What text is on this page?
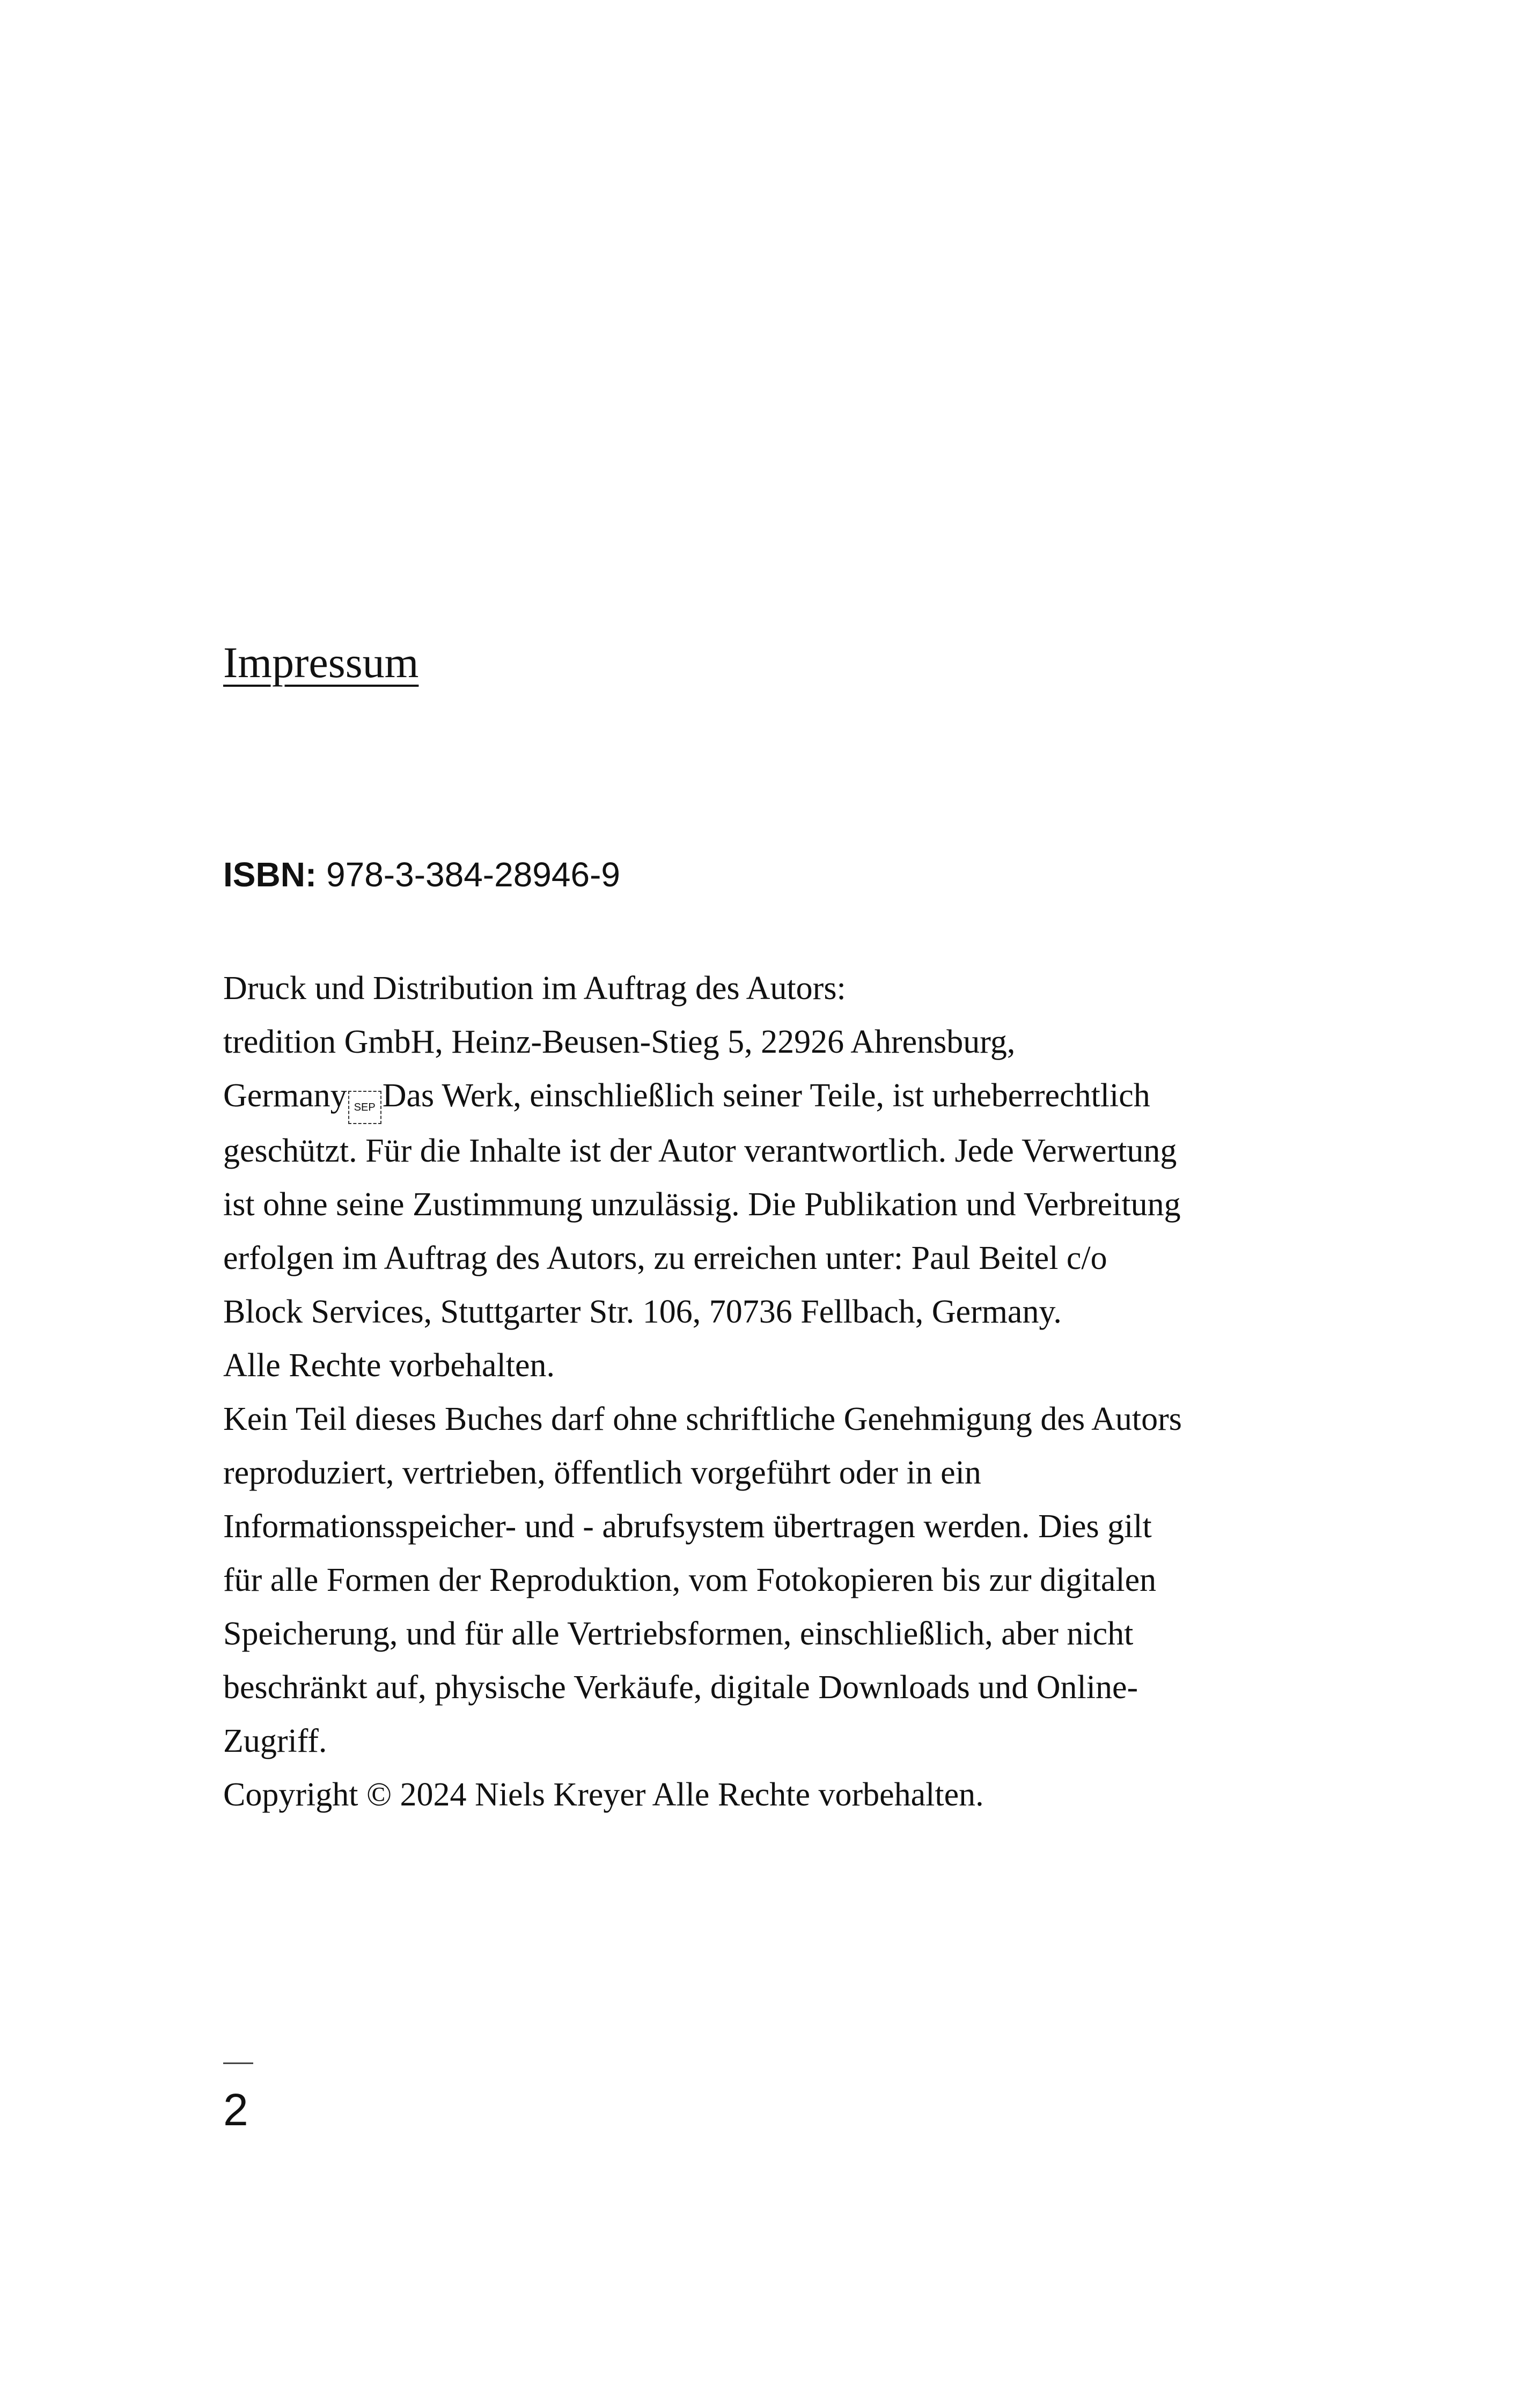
Impressum
ISBN: 978-3-384-28946-9
Druck und Distribution im Auftrag des Autors:
tredition GmbH, Heinz-Beusen-Stieg 5, 22926 Ahrensburg,
Germany SEP Das Werk, einschließlich seiner Teile, ist urheberrechtlich
geschützt. Für die Inhalte ist der Autor verantwortlich. Jede Verwertung
ist ohne seine Zustimmung unzulässig. Die Publikation und Verbreitung
erfolgen im Auftrag des Autors, zu erreichen unter: Paul Beitel c/o
Block Services, Stuttgarter Str. 106, 70736 Fellbach, Germany.
Alle Rechte vorbehalten.
Kein Teil dieses Buches darf ohne schriftliche Genehmigung des Autors
reproduziert, vertrieben, öffentlich vorgeführt oder in ein
Informationsspeicher- und - abrufsystem übertragen werden. Dies gilt
für alle Formen der Reproduktion, vom Fotokopieren bis zur digitalen
Speicherung, und für alle Vertriebsformen, einschließlich, aber nicht
beschränkt auf, physische Verkäufe, digitale Downloads und Online-
Zugriff.
Copyright © 2024 Niels Kreyer Alle Rechte vorbehalten.
2
